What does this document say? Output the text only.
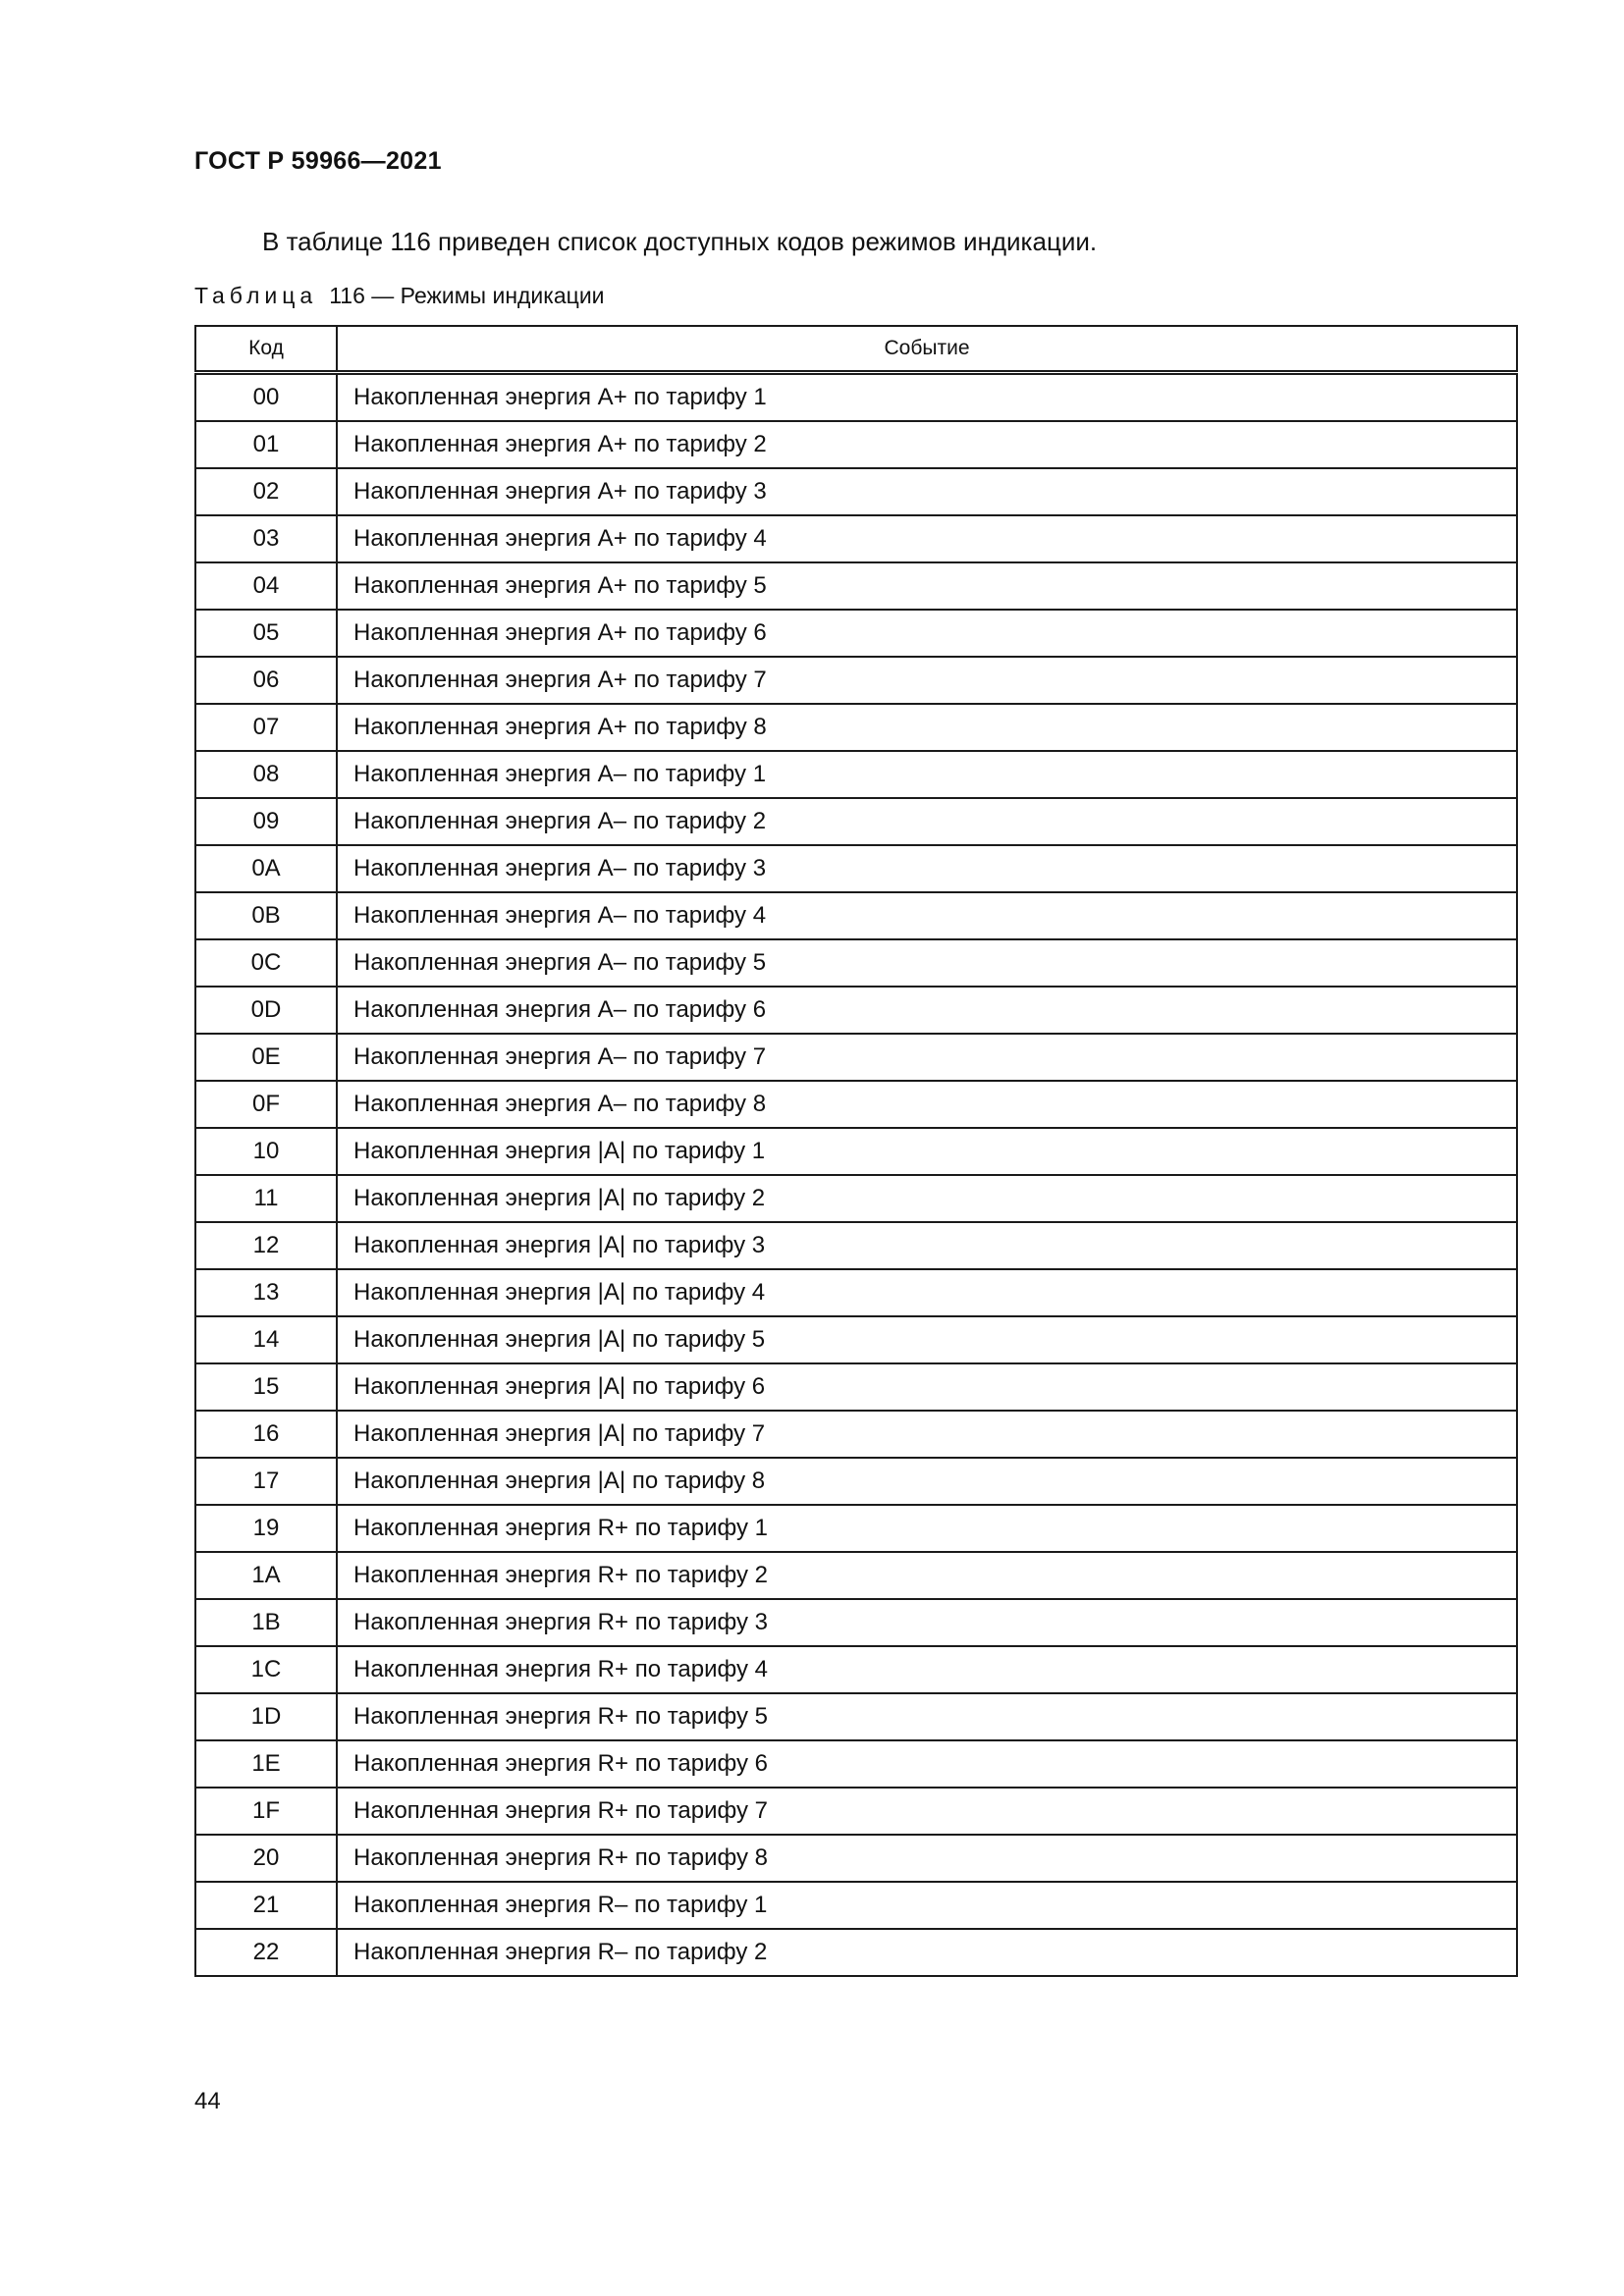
ГОСТ Р 59966—2021
В таблице 116 приведен список доступных кодов режимов индикации.
Таблица 116 — Режимы индикации
Код	Событие
00	Накопленная энергия А+ по тарифу 1
01	Накопленная энергия А+ по тарифу 2
02	Накопленная энергия А+ по тарифу 3
03	Накопленная энергия А+ по тарифу 4
04	Накопленная энергия А+ по тарифу 5
05	Накопленная энергия А+ по тарифу 6
06	Накопленная энергия А+ по тарифу 7
07	Накопленная энергия А+ по тарифу 8
08	Накопленная энергия А– по тарифу 1
09	Накопленная энергия А– по тарифу 2
0A	Накопленная энергия А– по тарифу 3
0B	Накопленная энергия А– по тарифу 4
0C	Накопленная энергия А– по тарифу 5
0D	Накопленная энергия А– по тарифу 6
0E	Накопленная энергия А– по тарифу 7
0F	Накопленная энергия А– по тарифу 8
10	Накопленная энергия |А| по тарифу 1
11	Накопленная энергия |А| по тарифу 2
12	Накопленная энергия |А| по тарифу 3
13	Накопленная энергия |А| по тарифу 4
14	Накопленная энергия |А| по тарифу 5
15	Накопленная энергия |А| по тарифу 6
16	Накопленная энергия |А| по тарифу 7
17	Накопленная энергия |А| по тарифу 8
19	Накопленная энергия R+ по тарифу 1
1A	Накопленная энергия R+ по тарифу 2
1B	Накопленная энергия R+ по тарифу 3
1C	Накопленная энергия R+ по тарифу 4
1D	Накопленная энергия R+ по тарифу 5
1E	Накопленная энергия R+ по тарифу 6
1F	Накопленная энергия R+ по тарифу 7
20	Накопленная энергия R+ по тарифу 8
21	Накопленная энергия R– по тарифу 1
22	Накопленная энергия R– по тарифу 2
44
